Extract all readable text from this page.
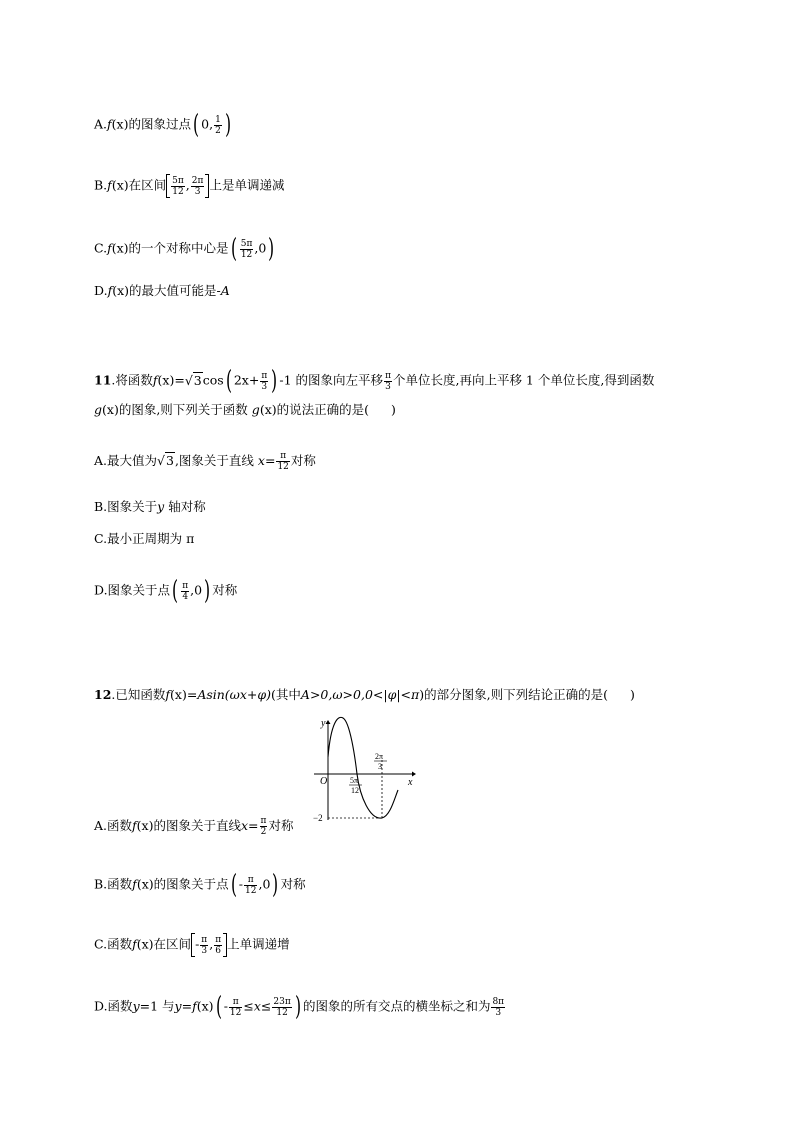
A.f(x)的图象过点( 0, $\frac{1}{2}$ )
B.f(x)在区间 $\frac{5\pi}{12}$ , $\frac{2\pi}{3}$ 上是单调递减
C.f(x)的一个对称中心是( $\frac{5\pi}{12} ,0$)
D.f(x)的最大值可能是-A
11.将函数f(x)=√3cos( $2x+ \frac{\pi}{3}$ ) -1 的图象向左平移 $\frac{\pi}{3}$ 个单位长度,再向上平移 1 个单位长度,得到函数
g(x)的图象,则下列关于函数 g(x)的说法正确的是( )
A.最大值为√3,图象关于直线 $x= \frac{\pi}{12}$ 对称
B.图象关于y 轴对称
C.最小正周期为 π
D.图象关于点( $\frac{\pi}{4} ,0$) 对称
12.已知函数f(x)=Asin(ωx+φ)(其中A>0,ω>0,0<|φ|<π)的部分图象,则下列结论正确的是( )
y
x
O	5π
12
2π
3
−2
A.函数f(x)的图象关于直线$x= \frac{\pi}{2}$ 对称
B.函数f(x)的图象关于点( - $\frac{\pi}{12} ,0$) 对称
C.函数f(x)在区间 - $\frac{\pi}{3}$ , $\frac{\pi}{6}$ 上单调递增
D.函数y=1 与$y=f(x)( - \frac{\pi}{12} \le x\le \frac{23\pi}{12}$ ) 的图象的所有交点的横坐标之和为 $\frac{8\pi}{3}$
